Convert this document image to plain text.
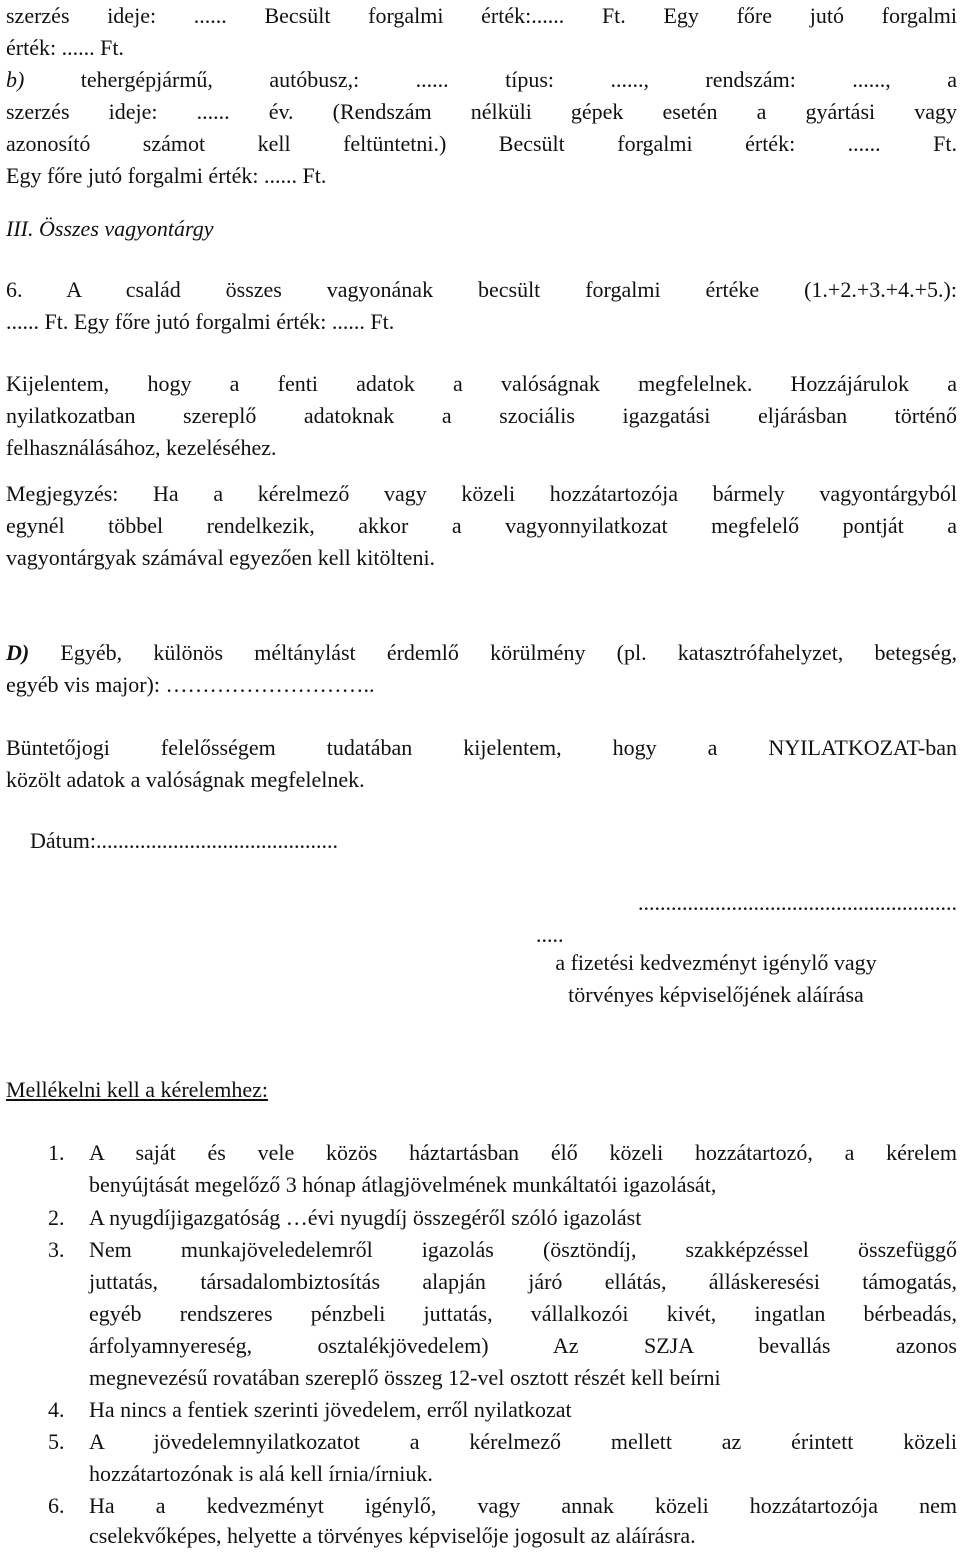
szerzés ideje: ...... Becsült forgalmi érték:...... Ft. Egy főre jutó forgalmi
érték: ...... Ft.
b) tehergépjármű, autóbusz,: ...... típus: ......, rendszám: ......, a
szerzés ideje: ...... év. (Rendszám nélküli gépek esetén a gyártási vagy
azonosító számot kell feltüntetni.) Becsült forgalmi érték: ...... Ft.
Egy főre jutó forgalmi érték: ...... Ft.
III. Összes vagyontárgy
6. A család összes vagyonának becsült forgalmi értéke (1.+2.+3.+4.+5.):
...... Ft. Egy főre jutó forgalmi érték: ...... Ft.
Kijelentem, hogy a fenti adatok a valóságnak megfelelnek. Hozzájárulok a
nyilatkozatban szereplő adatoknak a szociális igazgatási eljárásban történő
felhasználásához, kezeléséhez.
Megjegyzés: Ha a kérelmező vagy közeli hozzátartozója bármely vagyontárgyból
egynél többel rendelkezik, akkor a vagyonnyilatkozat megfelelő pontját a
vagyontárgyak számával egyezően kell kitölteni.
D) Egyéb, különös méltánylást érdemlő körülmény (pl. katasztrófahelyzet, betegség,
egyéb vis major): ………………………..
Büntetőjogi felelősségem tudatában kijelentem, hogy a NYILATKOZAT-ban
közölt adatok a valóságnak megfelelnek.
Dátum:............................................
..........................................................
.....
a fizetési kedvezményt igénylő vagy
törvényes képviselőjének aláírása
Mellékelni kell a kérelemhez:
1.	A saját és vele közös háztartásban élő közeli hozzátartozó, a kérelem
benyújtását megelőző 3 hónap átlagjövelmének munkáltatói igazolását,
2.	A nyugdíjigazgatóság …évi nyugdíj összegéről szóló igazolást
3.	Nem munkajöveledelemről igazolás (ösztöndíj, szakképzéssel összefüggő
juttatás, társadalombiztosítás alapján járó ellátás, álláskeresési támogatás,
egyéb rendszeres pénzbeli juttatás, vállalkozói kivét, ingatlan bérbeadás,
árfolyamnyereség, osztalékjövedelem) Az SZJA bevallás azonos
megnevezésű rovatában szereplő összeg 12-vel osztott részét kell beírni
4.	Ha nincs a fentiek szerinti jövedelem, erről nyilatkozat
5.	A jövedelemnyilatkozatot a kérelmező mellett az érintett közeli
hozzátartozónak is alá kell írnia/írniuk.
6.	Ha a kedvezményt igénylő, vagy annak közeli hozzátartozója nem
cselekvőképes, helyette a törvényes képviselője jogosult az aláírásra.
